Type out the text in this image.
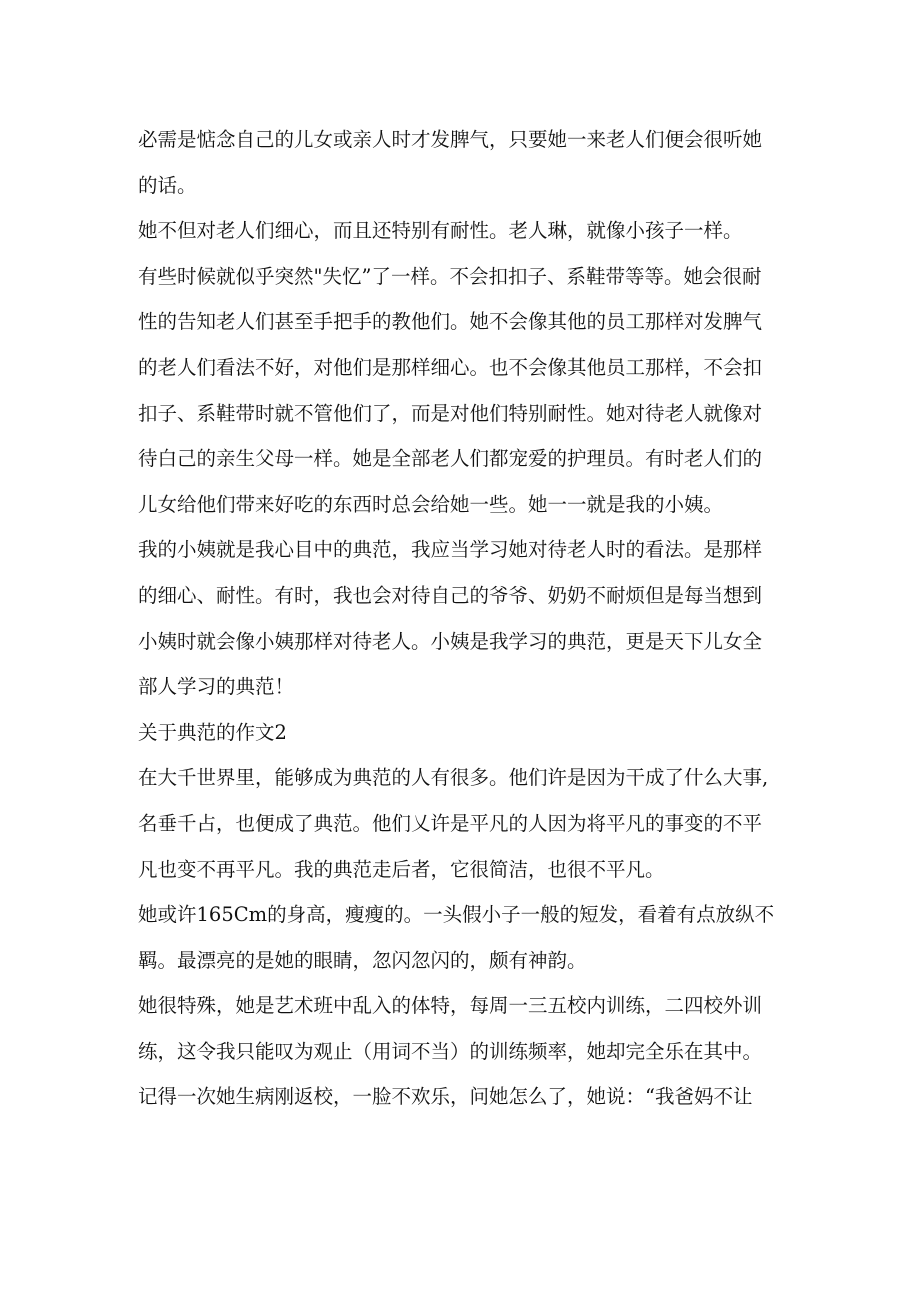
必需是惦念自己的儿女或亲人时才发脾气，只要她一来老人们便会很听她
的话。
她不但对老人们细心，而且还特别有耐性。老人琳，就像小孩子一样。
有些时候就似乎突然"失忆”了一样。不会扣扣子、系鞋带等等。她会很耐
性的告知老人们甚至手把手的教他们。她不会像其他的员工那样对发脾气
的老人们看法不好，对他们是那样细心。也不会像其他员工那样，不会扣
扣子、系鞋带时就不管他们了，而是对他们特别耐性。她对待老人就像对
待白己的亲生父母一样。她是全部老人们都宠爱的护理员。有时老人们的
儿女给他们带来好吃的东西时总会给她一些。她一一就是我的小姨。
我的小姨就是我心目中的典范，我应当学习她对待老人时的看法。是那样
的细心、耐性。有时，我也会对待自己的爷爷、奶奶不耐烦但是每当想到
小姨时就会像小姨那样对待老人。小姨是我学习的典范，更是天下儿女全
部人学习的典范！
关于典范的作文2
在大千世界里，能够成为典范的人有很多。他们许是因为干成了什么大事,
名垂千占，也便成了典范。他们乂许是平凡的人因为将平凡的事变的不平
凡也变不再平凡。我的典范走后者，它很简洁，也很不平凡。
她或许165Cm的身高，瘦瘦的。一头假小子一般的短发，看着有点放纵不
羁。最漂亮的是她的眼睛，忽闪忽闪的，颇有神韵。
她很特殊，她是艺术班中乱入的体特，每周一三五校内训练，二四校外训
练，这令我只能叹为观止（用词不当）的训练频率，她却完全乐在其中。
记得一次她生病刚返校，一脸不欢乐，问她怎么了，她说：“我爸妈不让
